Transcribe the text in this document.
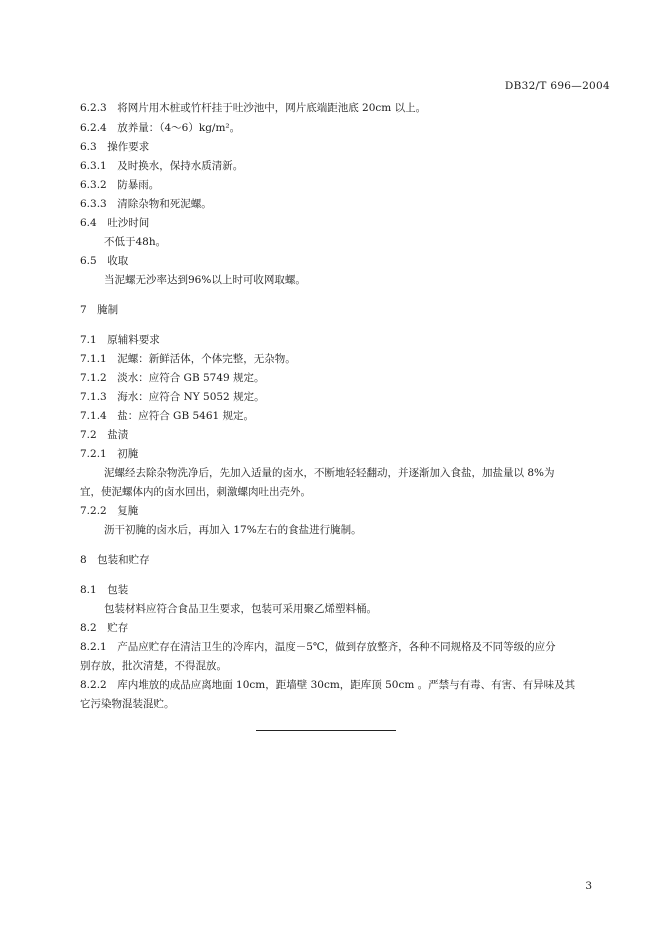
DB32/T 696—2004
6.2.3　将网片用木桩或竹杆挂于吐沙池中，网片底端距池底 20cm 以上。
6.2.4　放养量：（4～6）kg/m²。
6.3　操作要求
6.3.1　及时换水，保持水质清新。
6.3.2　防暴雨。
6.3.3　清除杂物和死泥螺。
6.4　吐沙时间
不低于48h。
6.5　收取
当泥螺无沙率达到96%以上时可收网取螺。
7　腌制
7.1　原辅料要求
7.1.1　泥螺：新鲜活体，个体完整，无杂物。
7.1.2　淡水：应符合 GB 5749 规定。
7.1.3　海水：应符合 NY 5052 规定。
7.1.4　盐：应符合 GB 5461 规定。
7.2　盐渍
7.2.1　初腌
泥螺经去除杂物洗净后，先加入适量的卤水，不断地轻轻翻动，并逐渐加入食盐，加盐量以 8%为
宜，使泥螺体内的卤水回出，刺激螺肉吐出壳外。
7.2.2　复腌
沥干初腌的卤水后，再加入 17%左右的食盐进行腌制。
8　包装和贮存
8.1　包装
包装材料应符合食品卫生要求，包装可采用聚乙烯塑料桶。
8.2　贮存
8.2.1　产品应贮存在清洁卫生的冷库内，温度－5℃，做到存放整齐，各种不同规格及不同等级的应分
别存放，批次清楚，不得混放。
8.2.2　库内堆放的成品应离地面 10cm，距墙壁 30cm，距库顶 50cm 。严禁与有毒、有害、有异味及其
它污染物混装混贮。
3
